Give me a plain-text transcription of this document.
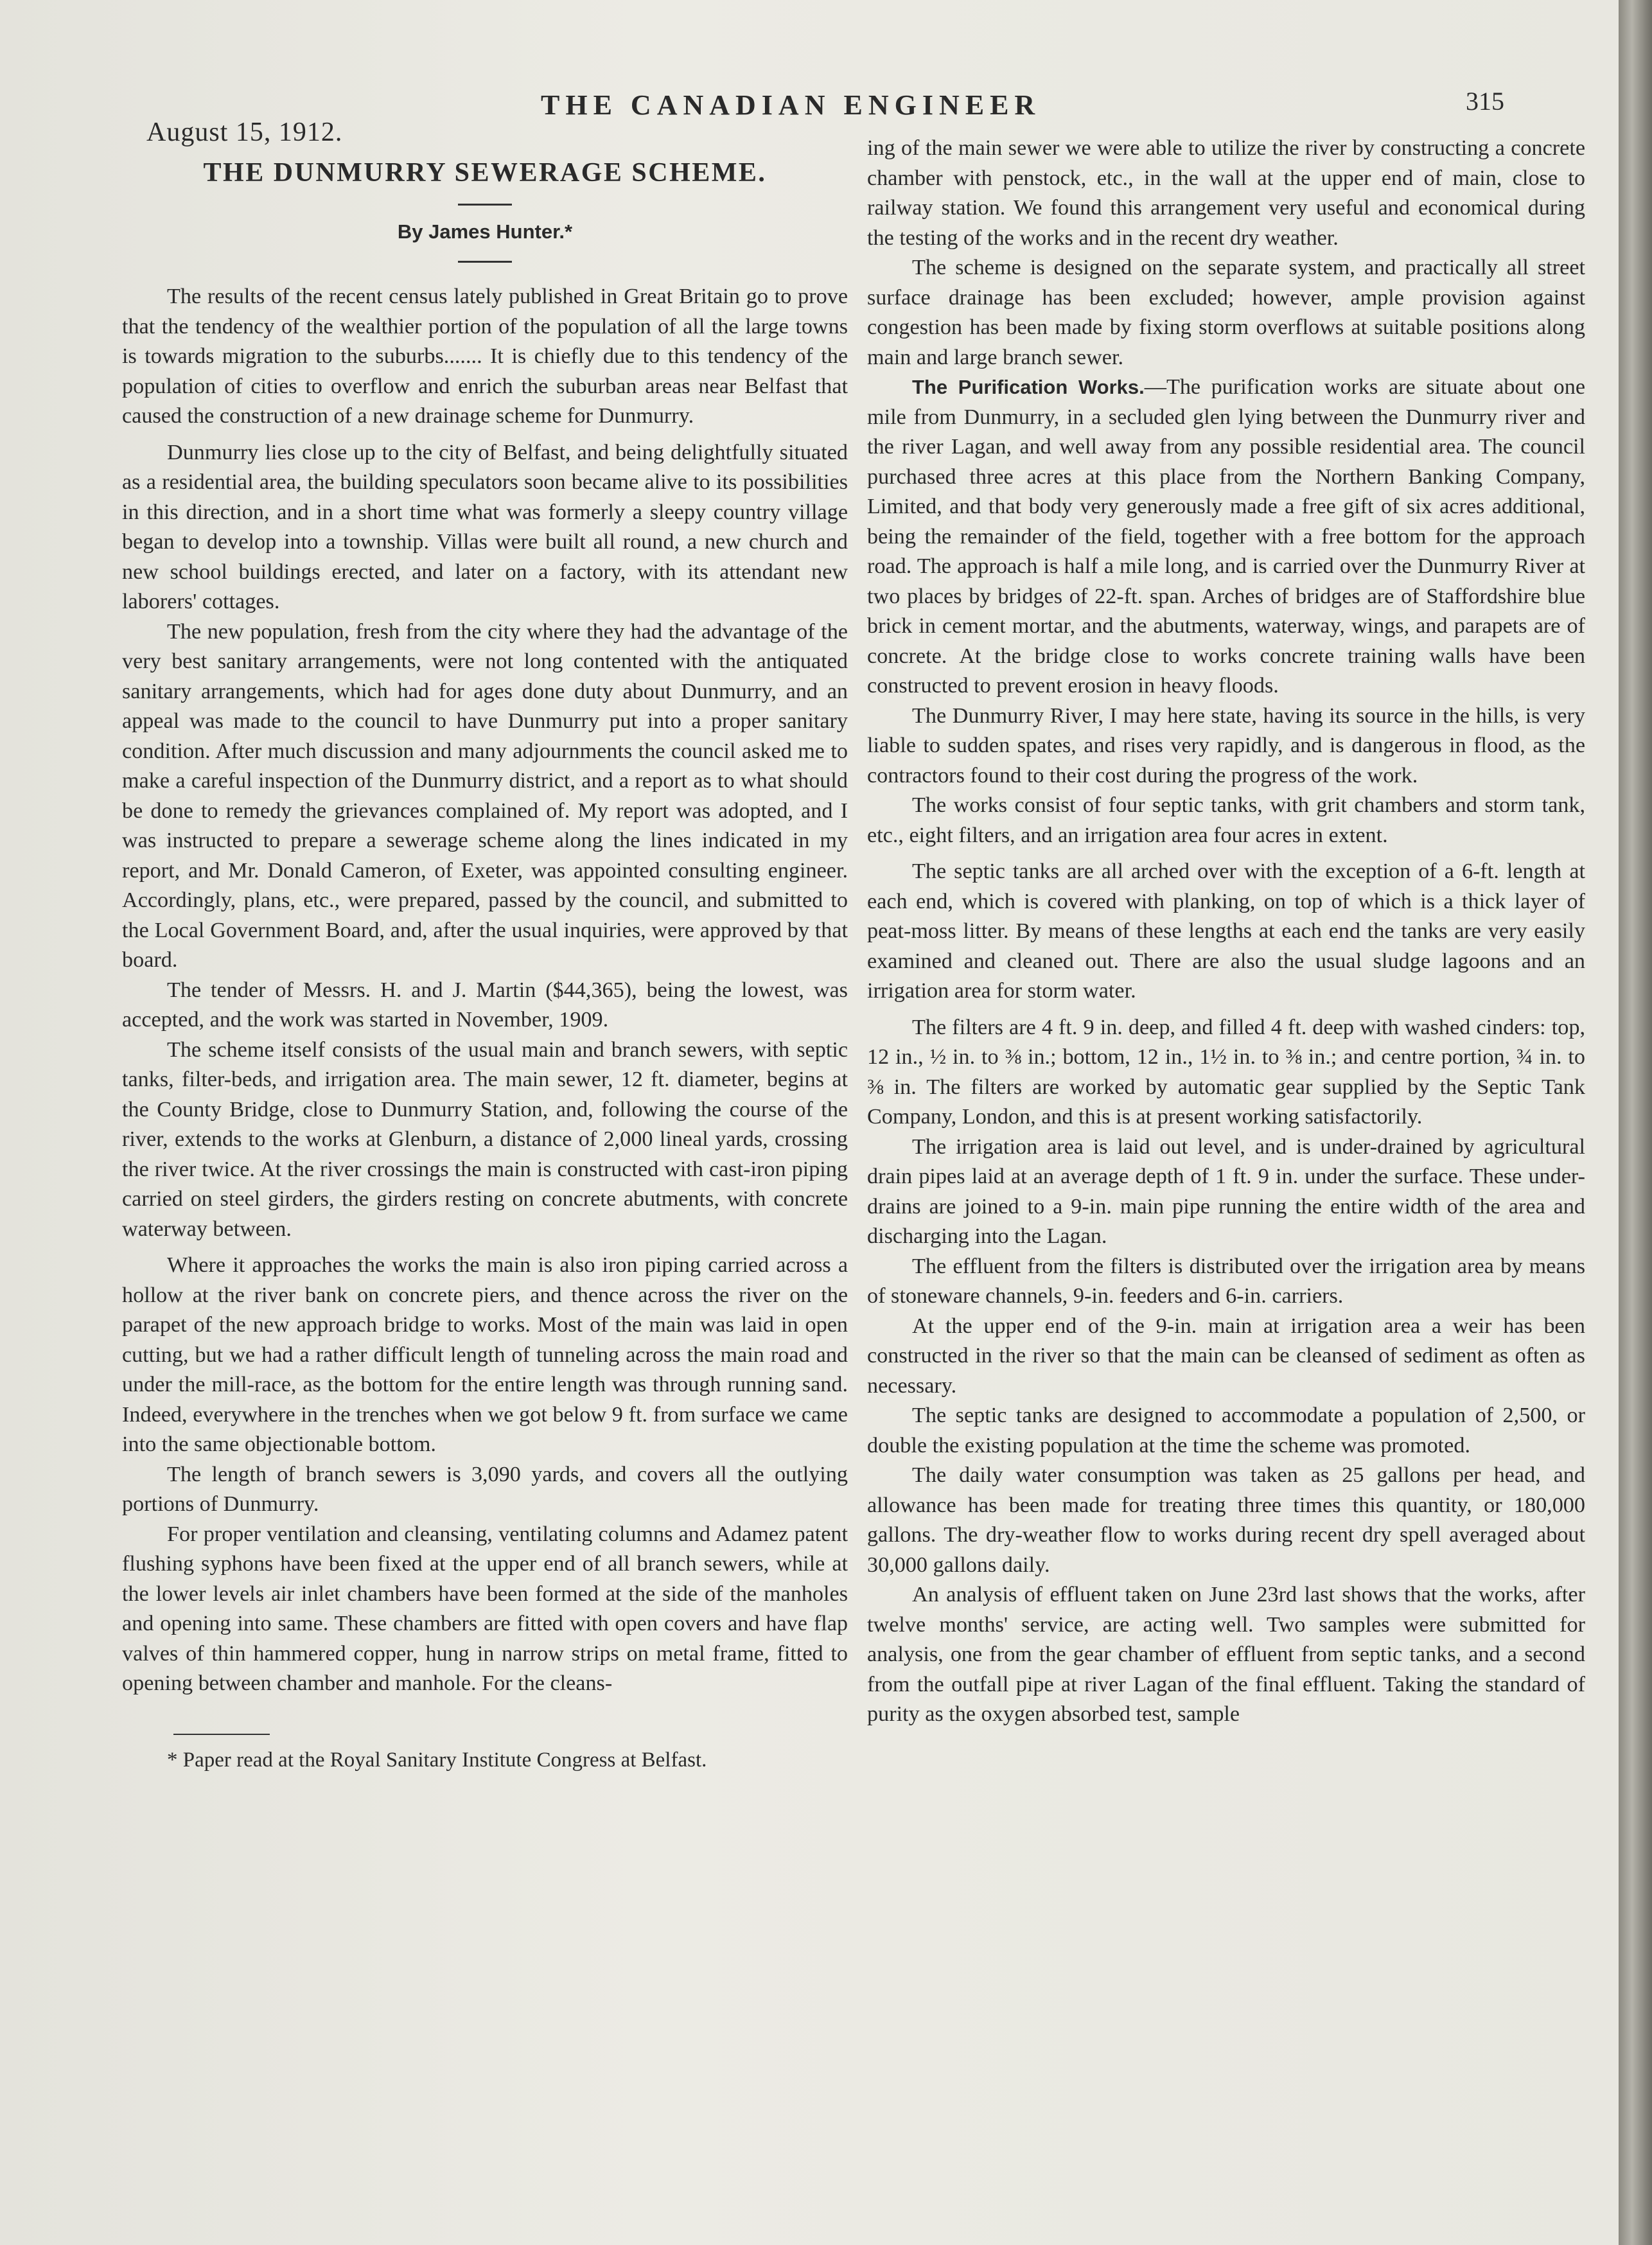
August 15, 1912.
THE CANADIAN ENGINEER	315
THE DUNMURRY SEWERAGE SCHEME.
By James Hunter.*

The results of the recent census lately published in Great Britain go to prove that the tendency of the wealthier portion of the population of all the large towns is towards migration to the suburbs....... It is chiefly due to this tendency of the population of cities to overflow and enrich the suburban areas near Belfast that caused the construction of a new drainage scheme for Dunmurry.

Dunmurry lies close up to the city of Belfast, and being delightfully situated as a residential area, the building speculators soon became alive to its possibilities in this direction, and in a short time what was formerly a sleepy country village began to develop into a township. Villas were built all round, a new church and new school buildings erected, and later on a factory, with its attendant new laborers' cottages.

The new population, fresh from the city where they had the advantage of the very best sanitary arrangements, were not long contented with the antiquated sanitary arrangements, which had for ages done duty about Dunmurry, and an appeal was made to the council to have Dunmurry put into a proper sanitary condition. After much discussion and many adjournments the council asked me to make a careful inspection of the Dunmurry district, and a report as to what should be done to remedy the grievances complained of. My report was adopted, and I was instructed to prepare a sewerage scheme along the lines indicated in my report, and Mr. Donald Cameron, of Exeter, was appointed consulting engineer. Accordingly, plans, etc., were prepared, passed by the council, and submitted to the Local Government Board, and, after the usual inquiries, were approved by that board.

The tender of Messrs. H. and J. Martin ($44,365), being the lowest, was accepted, and the work was started in November, 1909.

The scheme itself consists of the usual main and branch sewers, with septic tanks, filter-beds, and irrigation area. The main sewer, 12 ft. diameter, begins at the County Bridge, close to Dunmurry Station, and, following the course of the river, extends to the works at Glenburn, a distance of 2,000 lineal yards, crossing the river twice. At the river crossings the main is constructed with cast-iron piping carried on steel girders, the girders resting on concrete abutments, with concrete waterway between.

Where it approaches the works the main is also iron piping carried across a hollow at the river bank on concrete piers, and thence across the river on the parapet of the new approach bridge to works. Most of the main was laid in open cutting, but we had a rather difficult length of tunneling across the main road and under the mill-race, as the bottom for the entire length was through running sand. Indeed, everywhere in the trenches when we got below 9 ft. from surface we came into the same objectionable bottom.

The length of branch sewers is 3,090 yards, and covers all the outlying portions of Dunmurry.

For proper ventilation and cleansing, ventilating columns and Adamez patent flushing syphons have been fixed at the upper end of all branch sewers, while at the lower levels air inlet chambers have been formed at the side of the manholes and opening into same. These chambers are fitted with open covers and have flap valves of thin hammered copper, hung in narrow strips on metal frame, fitted to opening between chamber and manhole. For the cleans-

* Paper read at the Royal Sanitary Institute Congress at Belfast.

ing of the main sewer we were able to utilize the river by constructing a concrete chamber with penstock, etc., in the wall at the upper end of main, close to railway station. We found this arrangement very useful and economical during the testing of the works and in the recent dry weather.

The scheme is designed on the separate system, and practically all street surface drainage has been excluded; however, ample provision against congestion has been made by fixing storm overflows at suitable positions along main and large branch sewer.

The Purification Works.—The purification works are situate about one mile from Dunmurry, in a secluded glen lying between the Dunmurry river and the river Lagan, and well away from any possible residential area. The council purchased three acres at this place from the Northern Banking Company, Limited, and that body very generously made a free gift of six acres additional, being the remainder of the field, together with a free bottom for the approach road. The approach is half a mile long, and is carried over the Dunmurry River at two places by bridges of 22-ft. span. Arches of bridges are of Staffordshire blue brick in cement mortar, and the abutments, waterway, wings, and parapets are of concrete. At the bridge close to works concrete training walls have been constructed to prevent erosion in heavy floods.

The Dunmurry River, I may here state, having its source in the hills, is very liable to sudden spates, and rises very rapidly, and is dangerous in flood, as the contractors found to their cost during the progress of the work.

The works consist of four septic tanks, with grit chambers and storm tank, etc., eight filters, and an irrigation area four acres in extent.

The septic tanks are all arched over with the exception of a 6-ft. length at each end, which is covered with planking, on top of which is a thick layer of peat-moss litter. By means of these lengths at each end the tanks are very easily examined and cleaned out. There are also the usual sludge lagoons and an irrigation area for storm water.

The filters are 4 ft. 9 in. deep, and filled 4 ft. deep with washed cinders: top, 12 in., ½ in. to ⅜ in.; bottom, 12 in., 1½ in. to ⅜ in.; and centre portion, ¾ in. to ⅜ in. The filters are worked by automatic gear supplied by the Septic Tank Company, London, and this is at present working satisfactorily.

The irrigation area is laid out level, and is under-drained by agricultural drain pipes laid at an average depth of 1 ft. 9 in. under the surface. These under-drains are joined to a 9-in. main pipe running the entire width of the area and discharging into the Lagan.

The effluent from the filters is distributed over the irrigation area by means of stoneware channels, 9-in. feeders and 6-in. carriers.

At the upper end of the 9-in. main at irrigation area a weir has been constructed in the river so that the main can be cleansed of sediment as often as necessary.

The septic tanks are designed to accommodate a population of 2,500, or double the existing population at the time the scheme was promoted.

The daily water consumption was taken as 25 gallons per head, and allowance has been made for treating three times this quantity, or 180,000 gallons. The dry-weather flow to works during recent dry spell averaged about 30,000 gallons daily.

An analysis of effluent taken on June 23rd last shows that the works, after twelve months' service, are acting well. Two samples were submitted for analysis, one from the gear chamber of effluent from septic tanks, and a second from the outfall pipe at river Lagan of the final effluent. Taking the standard of purity as the oxygen absorbed test, sample
